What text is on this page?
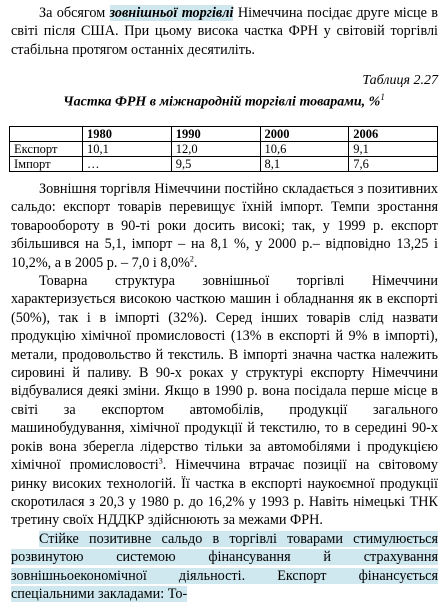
За обсягом зовнішньої торгівлі Німеччина посідає друге місце в світі після США. При цьому висока частка ФРН у світовій торгівлі стабільна протягом останніх десятиліть.

Таблиця 2.27
Частка ФРН в міжнародній торгівлі товарами, %$^1$
	1980	1990	2000	2006
Експорт	10,1	12,0	10,6	9,1
Імпорт	…	9,5	8,1	7,6

Зовнішня торгівля Німеччини постійно складається з позитивних сальдо: експорт товарів перевищує їхній імпорт. Темпи зростання товарообороту в 90-ті роки досить високі; так, у 1999 р. експорт збільшився на 5,1, імпорт – на 8,1 %, у 2000 р.– відповідно 13,25 і 10,2%, а в 2005 р. – 7,0 і 8,0%$^2$.

Товарна структура зовнішньої торгівлі Німеччини характеризується високою часткою машин і обладнання як в експорті (50%), так і в імпорті (32%). Серед інших товарів слід назвати продукцію хімічної промисловості (13% в експорті й 9% в імпорті), метали, продовольство й текстиль. В імпорті значна частка належить сировині й паливу. В 90-х роках у структурі експорту Німеччини відбувалися деякі зміни. Якщо в 1990 р. вона посідала перше місце в світі за експортом автомобілів, продукції загального машинобудування, хімічної продукції й текстилю, то в середині 90-х років вона зберегла лідерство тільки за автомобілями і продукцією хімічної промисловості$^3$. Німеччина втрачає позиції на світовому ринку високих технологій. Її частка в експорті наукоємної продукції скоротилася з 20,3 у 1980 р. до 16,2% у 1993 р. Навіть німецькі ТНК третину своїх НДДКР здійснюють за межами ФРН.

Стійке позитивне сальдо в торгівлі товарами стимулюється розвинутою системою фінансування й страхування зовнішньоекономічної діяльності. Експорт фінансується спеціальними закладами: То-
